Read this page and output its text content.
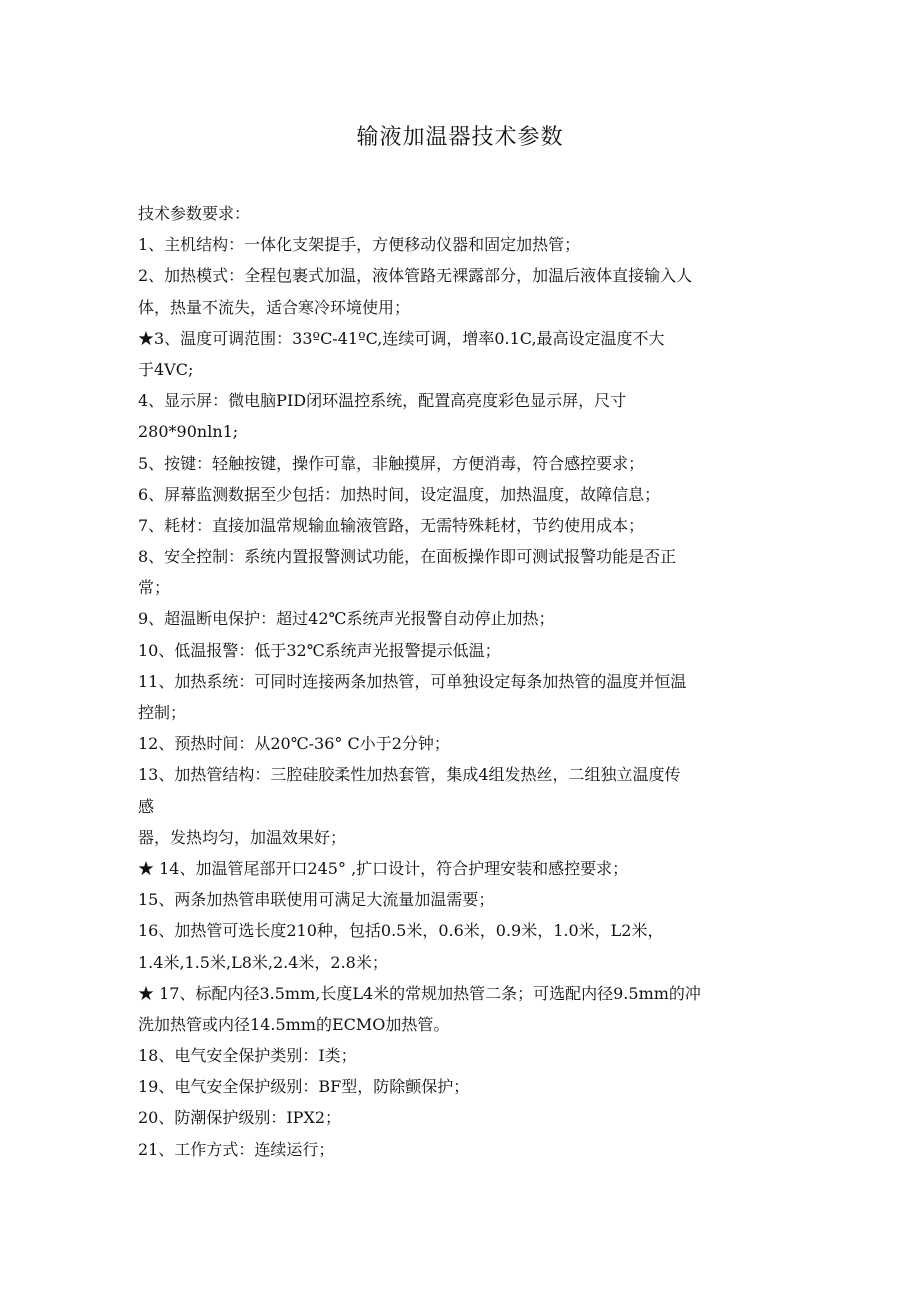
输液加温器技术参数
技术参数要求：
1、主机结构：一体化支架提手，方便移动仪器和固定加热管；
2、加热模式：全程包裹式加温，液体管路无裸露部分，加温后液体直接输入人
体，热量不流失，适合寒冷环境使用；
★3、温度可调范围：33ºC-41ºC,连续可调，增率0.1C,最高设定温度不大
于4VC;
4、显示屏：微电脑PID闭环温控系统，配置高亮度彩色显示屏，尺寸
280*90nln1;
5、按键：轻触按键，操作可靠，非触摸屏，方便消毒，符合感控要求；
6、屏幕监测数据至少包括：加热时间，设定温度，加热温度，故障信息；
7、耗材：直接加温常规输血输液管路，无需特殊耗材，节约使用成本；
8、安全控制：系统内置报警测试功能，在面板操作即可测试报警功能是否正
常；
9、超温断电保护：超过42℃系统声光报警自动停止加热；
10、低温报警：低于32℃系统声光报警提示低温；
11、加热系统：可同时连接两条加热管，可单独设定每条加热管的温度并恒温
控制；
12、预热时间：从20℃-36° C小于2分钟；
13、加热管结构：三腔硅胶柔性加热套管，集成4组发热丝，二组独立温度传
感
器，发热均匀，加温效果好；
★ 14、加温管尾部开口245° ,扩口设计，符合护理安装和感控要求；
15、两条加热管串联使用可满足大流量加温需要；
16、加热管可选长度210种，包括0.5米，0.6米，0.9米，1.0米，L2米，
1.4米,1.5米,L8米,2.4米，2.8米；
★ 17、标配内径3.5mm,长度L4米的常规加热管二条；可选配内径9.5mm的冲
洗加热管或内径14.5mm的ECMO加热管。
18、电气安全保护类别：I类；
19、电气安全保护级别：BF型，防除颤保护；
20、防潮保护级别：IPX2；
21、工作方式：连续运行；
